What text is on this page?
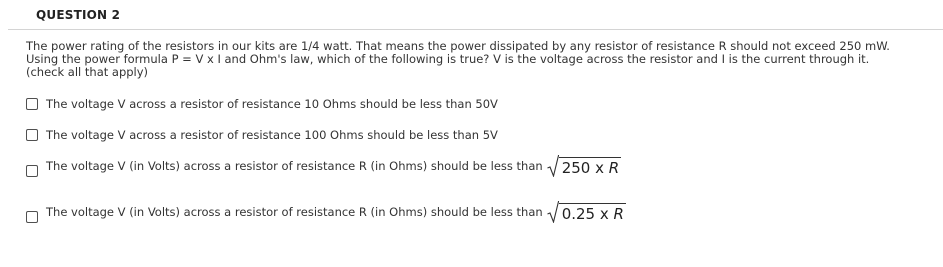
QUESTION 2
The power rating of the resistors in our kits are 1/4 watt. That means the power dissipated by any resistor of resistance R should not exceed 250 mW. Using the power formula P = V x I and Ohm's law, which of the following is true? V is the voltage across the resistor and I is the current through it. (check all that apply)
The voltage V across a resistor of resistance 10 Ohms should be less than 50V
The voltage V across a resistor of resistance 100 Ohms should be less than 5V
The voltage V (in Volts) across a resistor of resistance R (in Ohms) should be less than 250 x R
The voltage V (in Volts) across a resistor of resistance R (in Ohms) should be less than 0.25 x R
